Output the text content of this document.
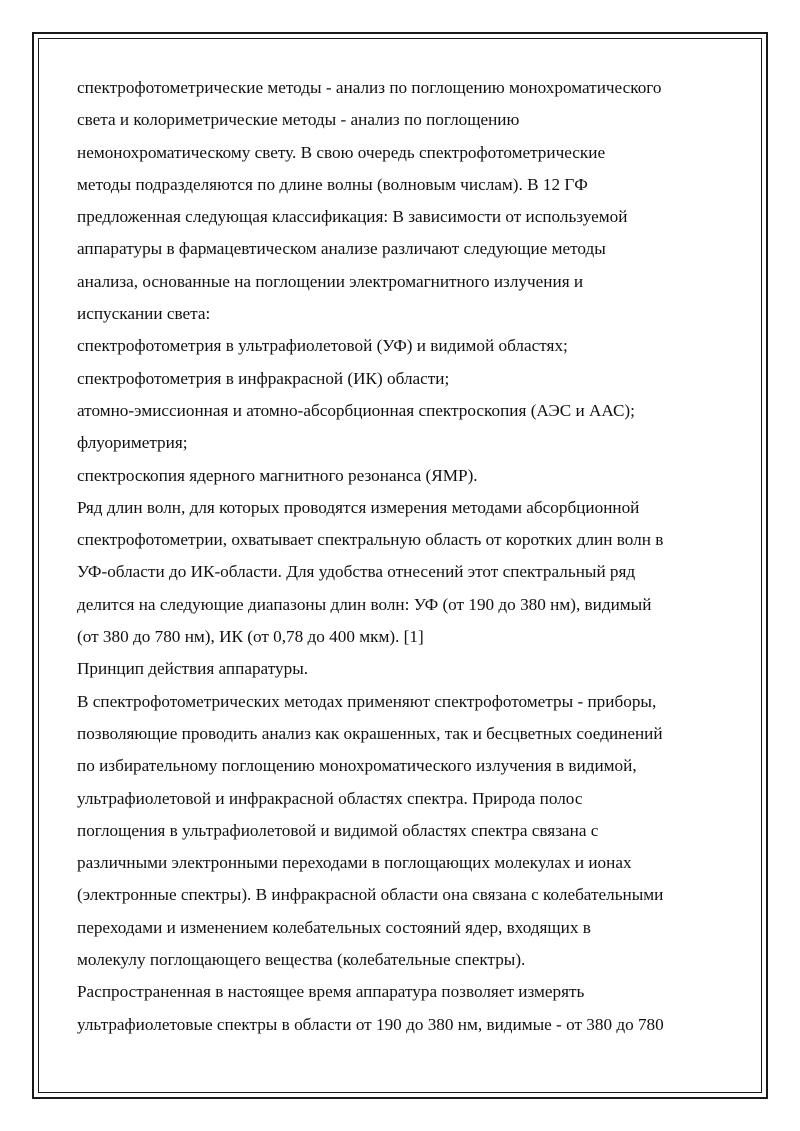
спектрофотометрические методы - анализ по поглощению монохроматического
света и колориметрические методы - анализ по поглощению
немонохроматическому свету. В свою очередь спектрофотометрические
методы подразделяются по длине волны (волновым числам). В 12 ГФ
предложенная следующая классификация: В зависимости от используемой
аппаратуры в фармацевтическом анализе различают следующие методы
анализа, основанные на поглощении электромагнитного излучения и
испускании света:
спектрофотометрия в ультрафиолетовой (УФ) и видимой областях;
спектрофотометрия в инфракрасной (ИК) области;
атомно-эмиссионная и атомно-абсорбционная спектроскопия (АЭС и ААС);
флуориметрия;
спектроскопия ядерного магнитного резонанса (ЯМР).
Ряд длин волн, для которых проводятся измерения методами абсорбционной
спектрофотометрии, охватывает спектральную область от коротких длин волн в
УФ-области до ИК-области. Для удобства отнесений этот спектральный ряд
делится на следующие диапазоны длин волн: УФ (от 190 до 380 нм), видимый
(от 380 до 780 нм), ИК (от 0,78 до 400 мкм). [1]
Принцип действия аппаратуры.
В спектрофотометрических методах применяют спектрофотометры - приборы,
позволяющие проводить анализ как окрашенных, так и бесцветных соединений
по избирательному поглощению монохроматического излучения в видимой,
ультрафиолетовой и инфракрасной областях спектра. Природа полос
поглощения в ультрафиолетовой и видимой областях спектра связана с
различными электронными переходами в поглощающих молекулах и ионах
(электронные спектры). В инфракрасной области она связана с колебательными
переходами и изменением колебательных состояний ядер, входящих в
молекулу поглощающего вещества (колебательные спектры).
Распространенная в настоящее время аппаратура позволяет измерять
ультрафиолетовые спектры в области от 190 до 380 нм, видимые - от 380 до 780
